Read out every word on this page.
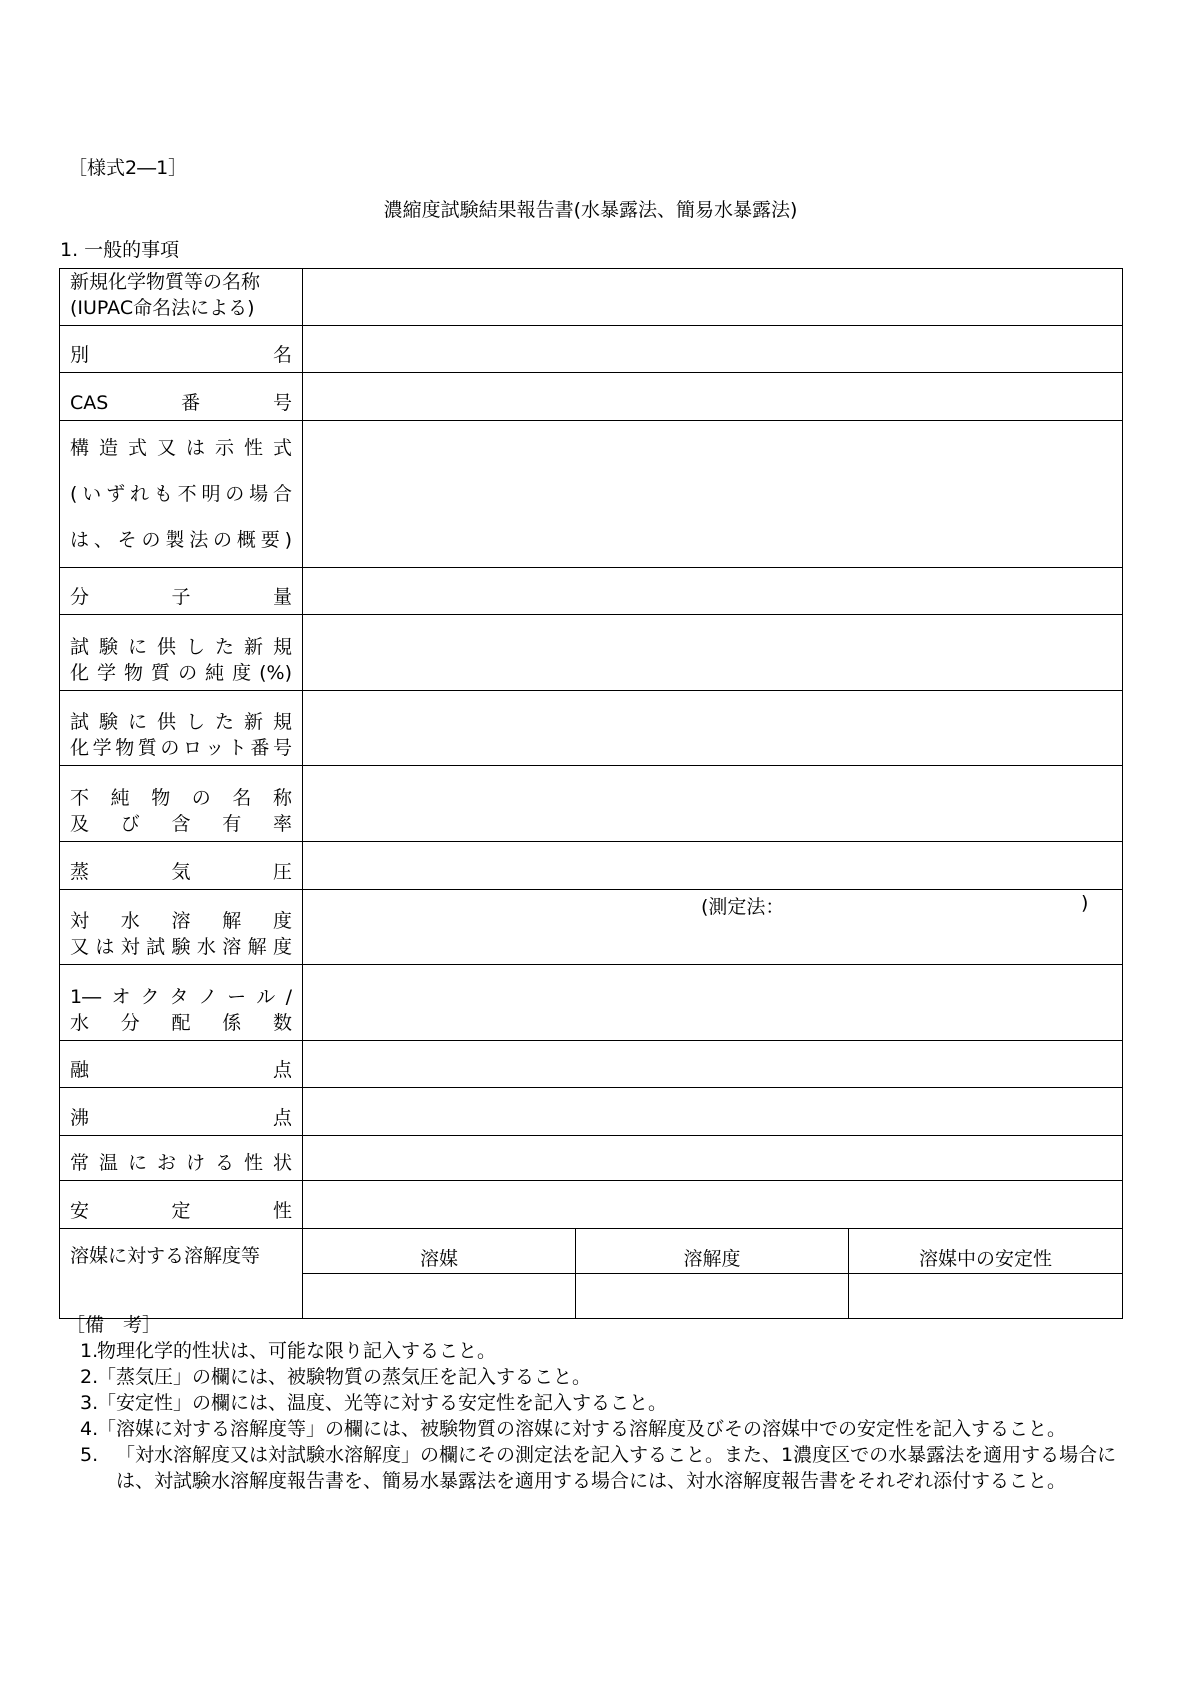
［様式2―1］
濃縮度試験結果報告書(水暴露法、簡易水暴露法)
1. 一般的事項
新規化学物質等の名称
(IUPAC命名法による)			

別名			

CAS番号			

構造式又は示性式
(いずれも不明の場合
は、その製法の概要)			

分子量			

試験に供した新規
化学物質の純度(%)			

試験に供した新規
化学物質のロット番号			

不純物の名称
及び含有率			

蒸気圧			

対水溶解度
又は対試験水溶解度	(測定法： )		

1―オクタノール/
水分配係数			

融点			

沸点			

常温における性状			

安定性			

溶媒に対する溶解度等	溶媒	溶解度	溶媒中の安定性

［備　考］
1.
物理化学的性状は、可能な限り記入すること。
2.
「蒸気圧」の欄には、被験物質の蒸気圧を記入すること。
3.
「安定性」の欄には、温度、光等に対する安定性を記入すること。
4.
「溶媒に対する溶解度等」の欄には、被験物質の溶媒に対する溶解度及びその溶媒中での安定性を記入すること。
5. 「対水溶解度又は対試験水溶解度」の欄にその測定法を記入すること。また、1濃度区での水暴露法を適用する場合には、対試験水溶解度報告書を、簡易水暴露法を適用する場合には、対水溶解度報告書をそれぞれ添付すること。
